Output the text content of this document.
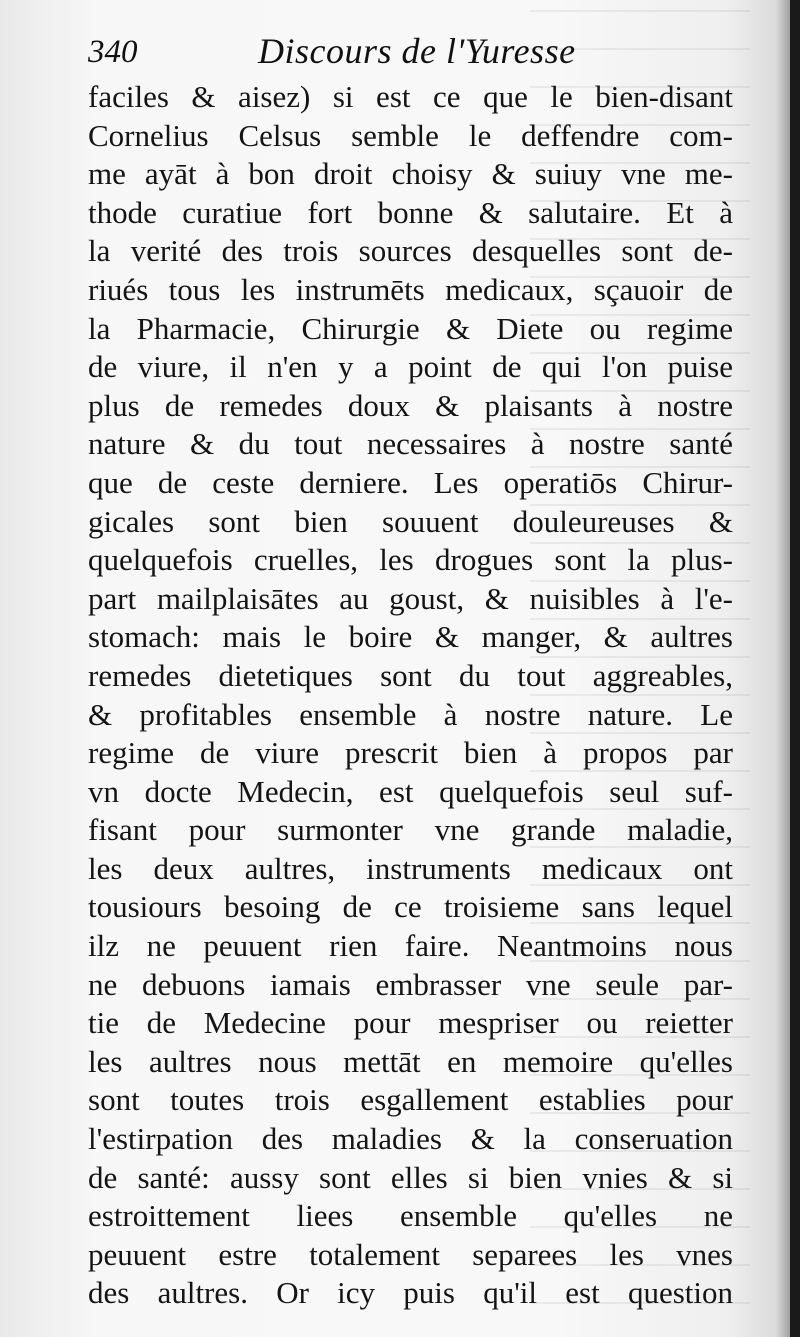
340	Discours de l'Yuresse
faciles & aisez) si est ce que le bien-disant
Cornelius Celsus semble le deffendre com-
me ayāt à bon droit choisy & suiuy vne me-
thode curatiue fort bonne & salutaire. Et à
la verité des trois sources desquelles sont de-
riués tous les instrumēts medicaux, sçauoir de
la Pharmacie, Chirurgie & Diete ou regime
de viure, il n'en y a point de qui l'on puise
plus de remedes doux & plaisants à nostre
nature & du tout necessaires à nostre santé
que de ceste derniere. Les operatiōs Chirur-
gicales sont bien souuent douleureuses &
quelquefois cruelles, les drogues sont la plus-
part mailplaisātes au goust, & nuisibles à l'e-
stomach: mais le boire & manger, & aultres
remedes dietetiques sont du tout aggreables,
& profitables ensemble à nostre nature. Le
regime de viure prescrit bien à propos par
vn docte Medecin, est quelquefois seul suf-
fisant pour surmonter vne grande maladie,
les deux aultres, instruments medicaux ont
tousiours besoing de ce troisieme sans lequel
ilz ne peuuent rien faire. Neantmoins nous
ne debuons iamais embrasser vne seule par-
tie de Medecine pour mespriser ou reietter
les aultres nous mettāt en memoire qu'elles
sont toutes trois esgallement establies pour
l'estirpation des maladies & la conseruation
de santé: aussy sont elles si bien vnies & si
estroittement liees ensemble qu'elles ne
peuuent estre totalement separees les vnes
des aultres. Or icy puis qu'il est question
